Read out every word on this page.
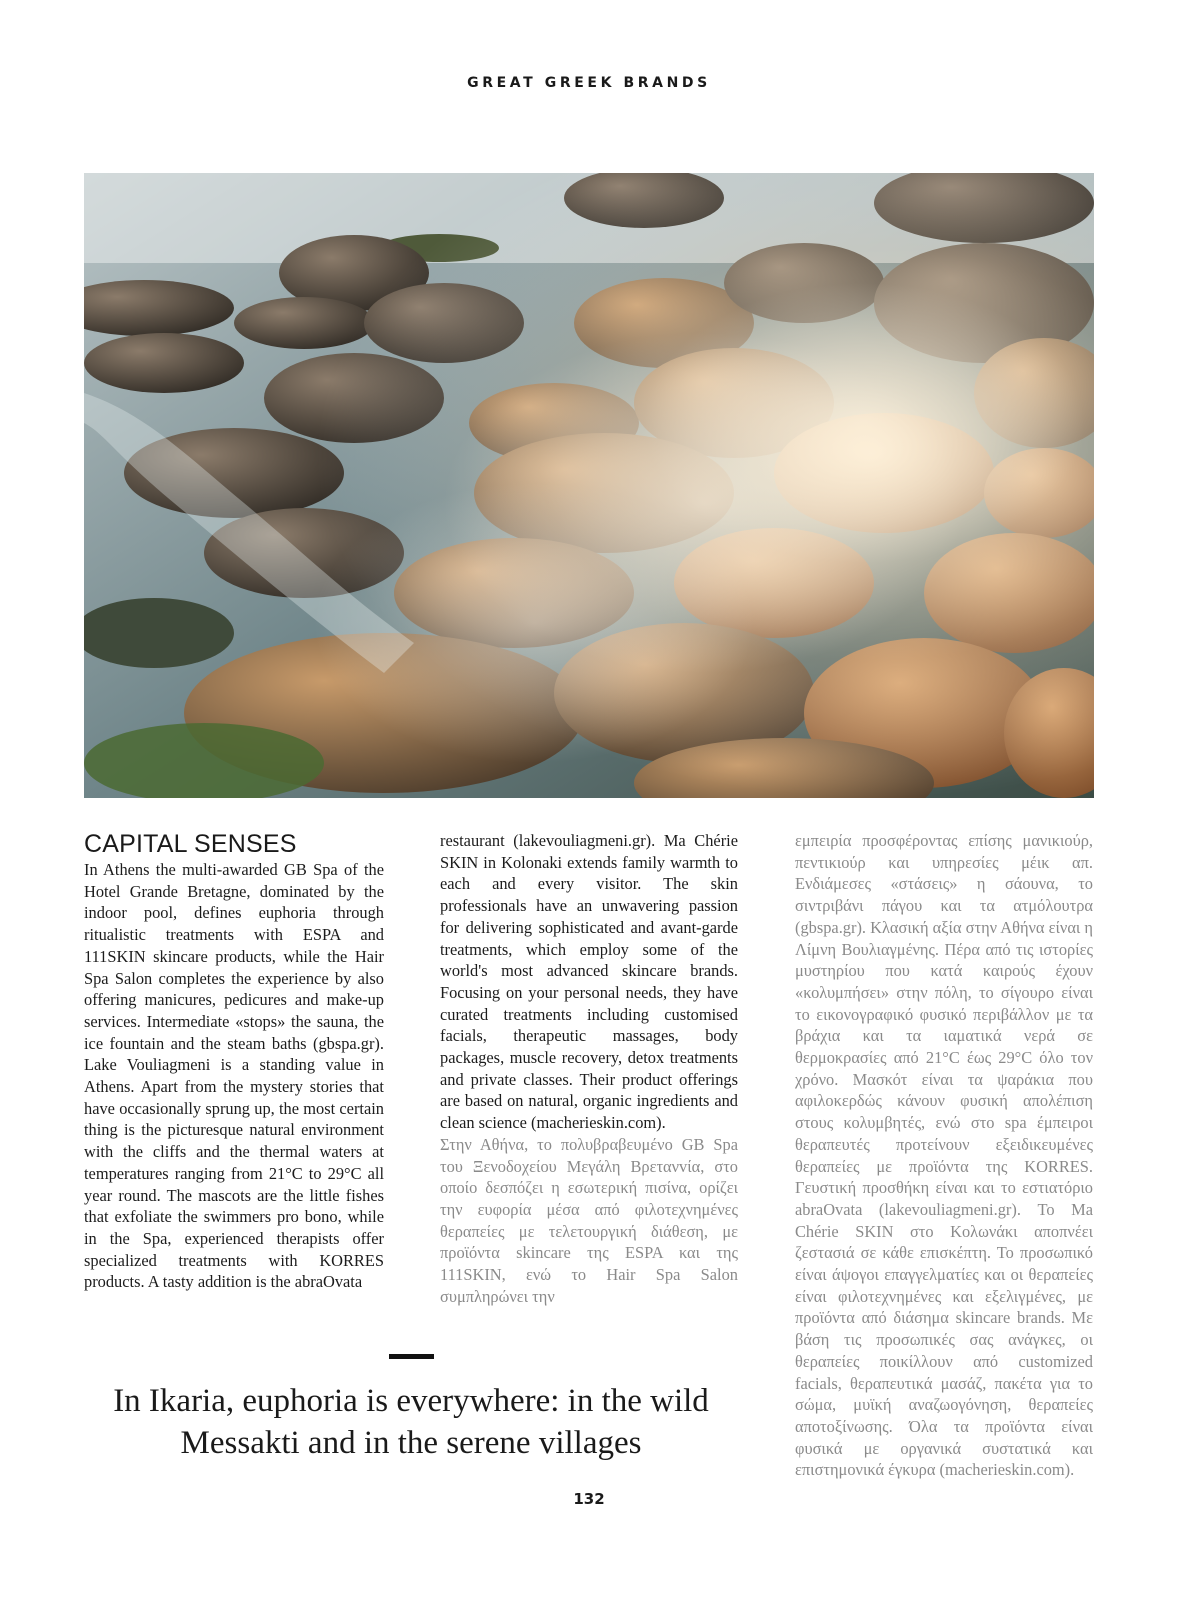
GREAT GREEK BRANDS

CAPITAL SENSES

In Athens the multi-awarded GB Spa of the Hotel Grande Bretagne, dominated by the indoor pool, defines euphoria through ritualistic treatments with ESPA and 111SKIN skincare products, while the Hair Spa Salon completes the experience by also offering manicures, pedicures and make-up services. Intermediate «stops» the sauna, the ice fountain and the steam baths (gbspa.gr). Lake Vouliagmeni is a standing value in Athens. Apart from the mystery stories that have occasionally sprung up, the most certain thing is the picturesque natural environment with the cliffs and the thermal waters at temperatures ranging from 21°C to 29°C all year round. The mascots are the little fishes that exfoliate the swimmers pro bono, while in the Spa, experienced therapists offer specialized treatments with KORRES products. A tasty addition is the abraOvata

restaurant (lakevouliagmeni.gr). Ma Chérie SKIN in Kolonaki extends family warmth to each and every visitor. The skin professionals have an unwavering passion for delivering sophisticated and avant-garde treatments, which employ some of the world's most advanced skincare brands. Focusing on your personal needs, they have curated treatments including customised facials, therapeutic massages, body packages, muscle recovery, detox treatments and private classes. Their product offerings are based on natural, organic ingredients and clean science (macherieskin.com).

Στην Αθήνα, το πολυβραβευμένο GB Spa του Ξενοδοχείου Μεγάλη Βρετανvία, στο οποίο δεσπόζει η εσωτερική πισίνα, ορίζει την ευφορία μέσα από φιλοτεχνημένες θεραπείες με τελετουργική διάθεση, με προϊόντα skincare της ESPA και της 111SKIN, ενώ το Hair Spa Salon συμπληρώνει την

εμπειρία προσφέροντας επίσης μανικιούρ, πεντικιούρ και υπηρεσίες μέικ απ. Ενδιάμεσες «στάσεις» η σάουνα, το σιντριβάνι πάγου και τα ατμόλουτρα (gbspa.gr). Κλασική αξία στην Αθήνα είναι η Λίμνη Βουλιαγμένης. Πέρα από τις ιστορίες μυστηρίου που κατά καιρούς έχουν «κολυμπήσει» στην πόλη, το σίγουρο είναι το εικονογραφικό φυσικό περιβάλλον με τα βράχια και τα ιαματικά νερά σε θερμοκρασίες από 21°C έως 29°C όλο τον χρόνο. Μασκότ είναι τα ψαράκια που αφιλοκερδώς κάνουν φυσική απολέπιση στους κολυμβητές, ενώ στο spa έμπειροι θεραπευτές προτείνουν εξειδικευμένες θεραπείες με προϊόντα της KORRES. Γευστική προσθήκη είναι και το εστιατόριο abraOvata (lakevouliagmeni.gr). Το Ma Chérie SKIN στο Κολωνάκι αποπνέει ζεστασιά σε κάθε επισκέπτη. Το προσωπικό είναι άψογοι επαγγελματίες και οι θεραπείες είναι φιλοτεχνημένες και εξελιγμένες, με προϊόντα από διάσημα skincare brands. Με βάση τις προσωπικές σας ανάγκες, οι θεραπείες ποικίλλουν από customized facials, θεραπευτικά μασάζ, πακέτα για το σώμα, μυϊκή αναζωογόνηση, θεραπείες αποτοξίνωσης. Όλα τα προϊόντα είναι φυσικά με οργανικά συστατικά και επιστημονικά έγκυρα (macherieskin.com).

In Ikaria, euphoria is everywhere: in the wild Messakti and in the serene villages
132
